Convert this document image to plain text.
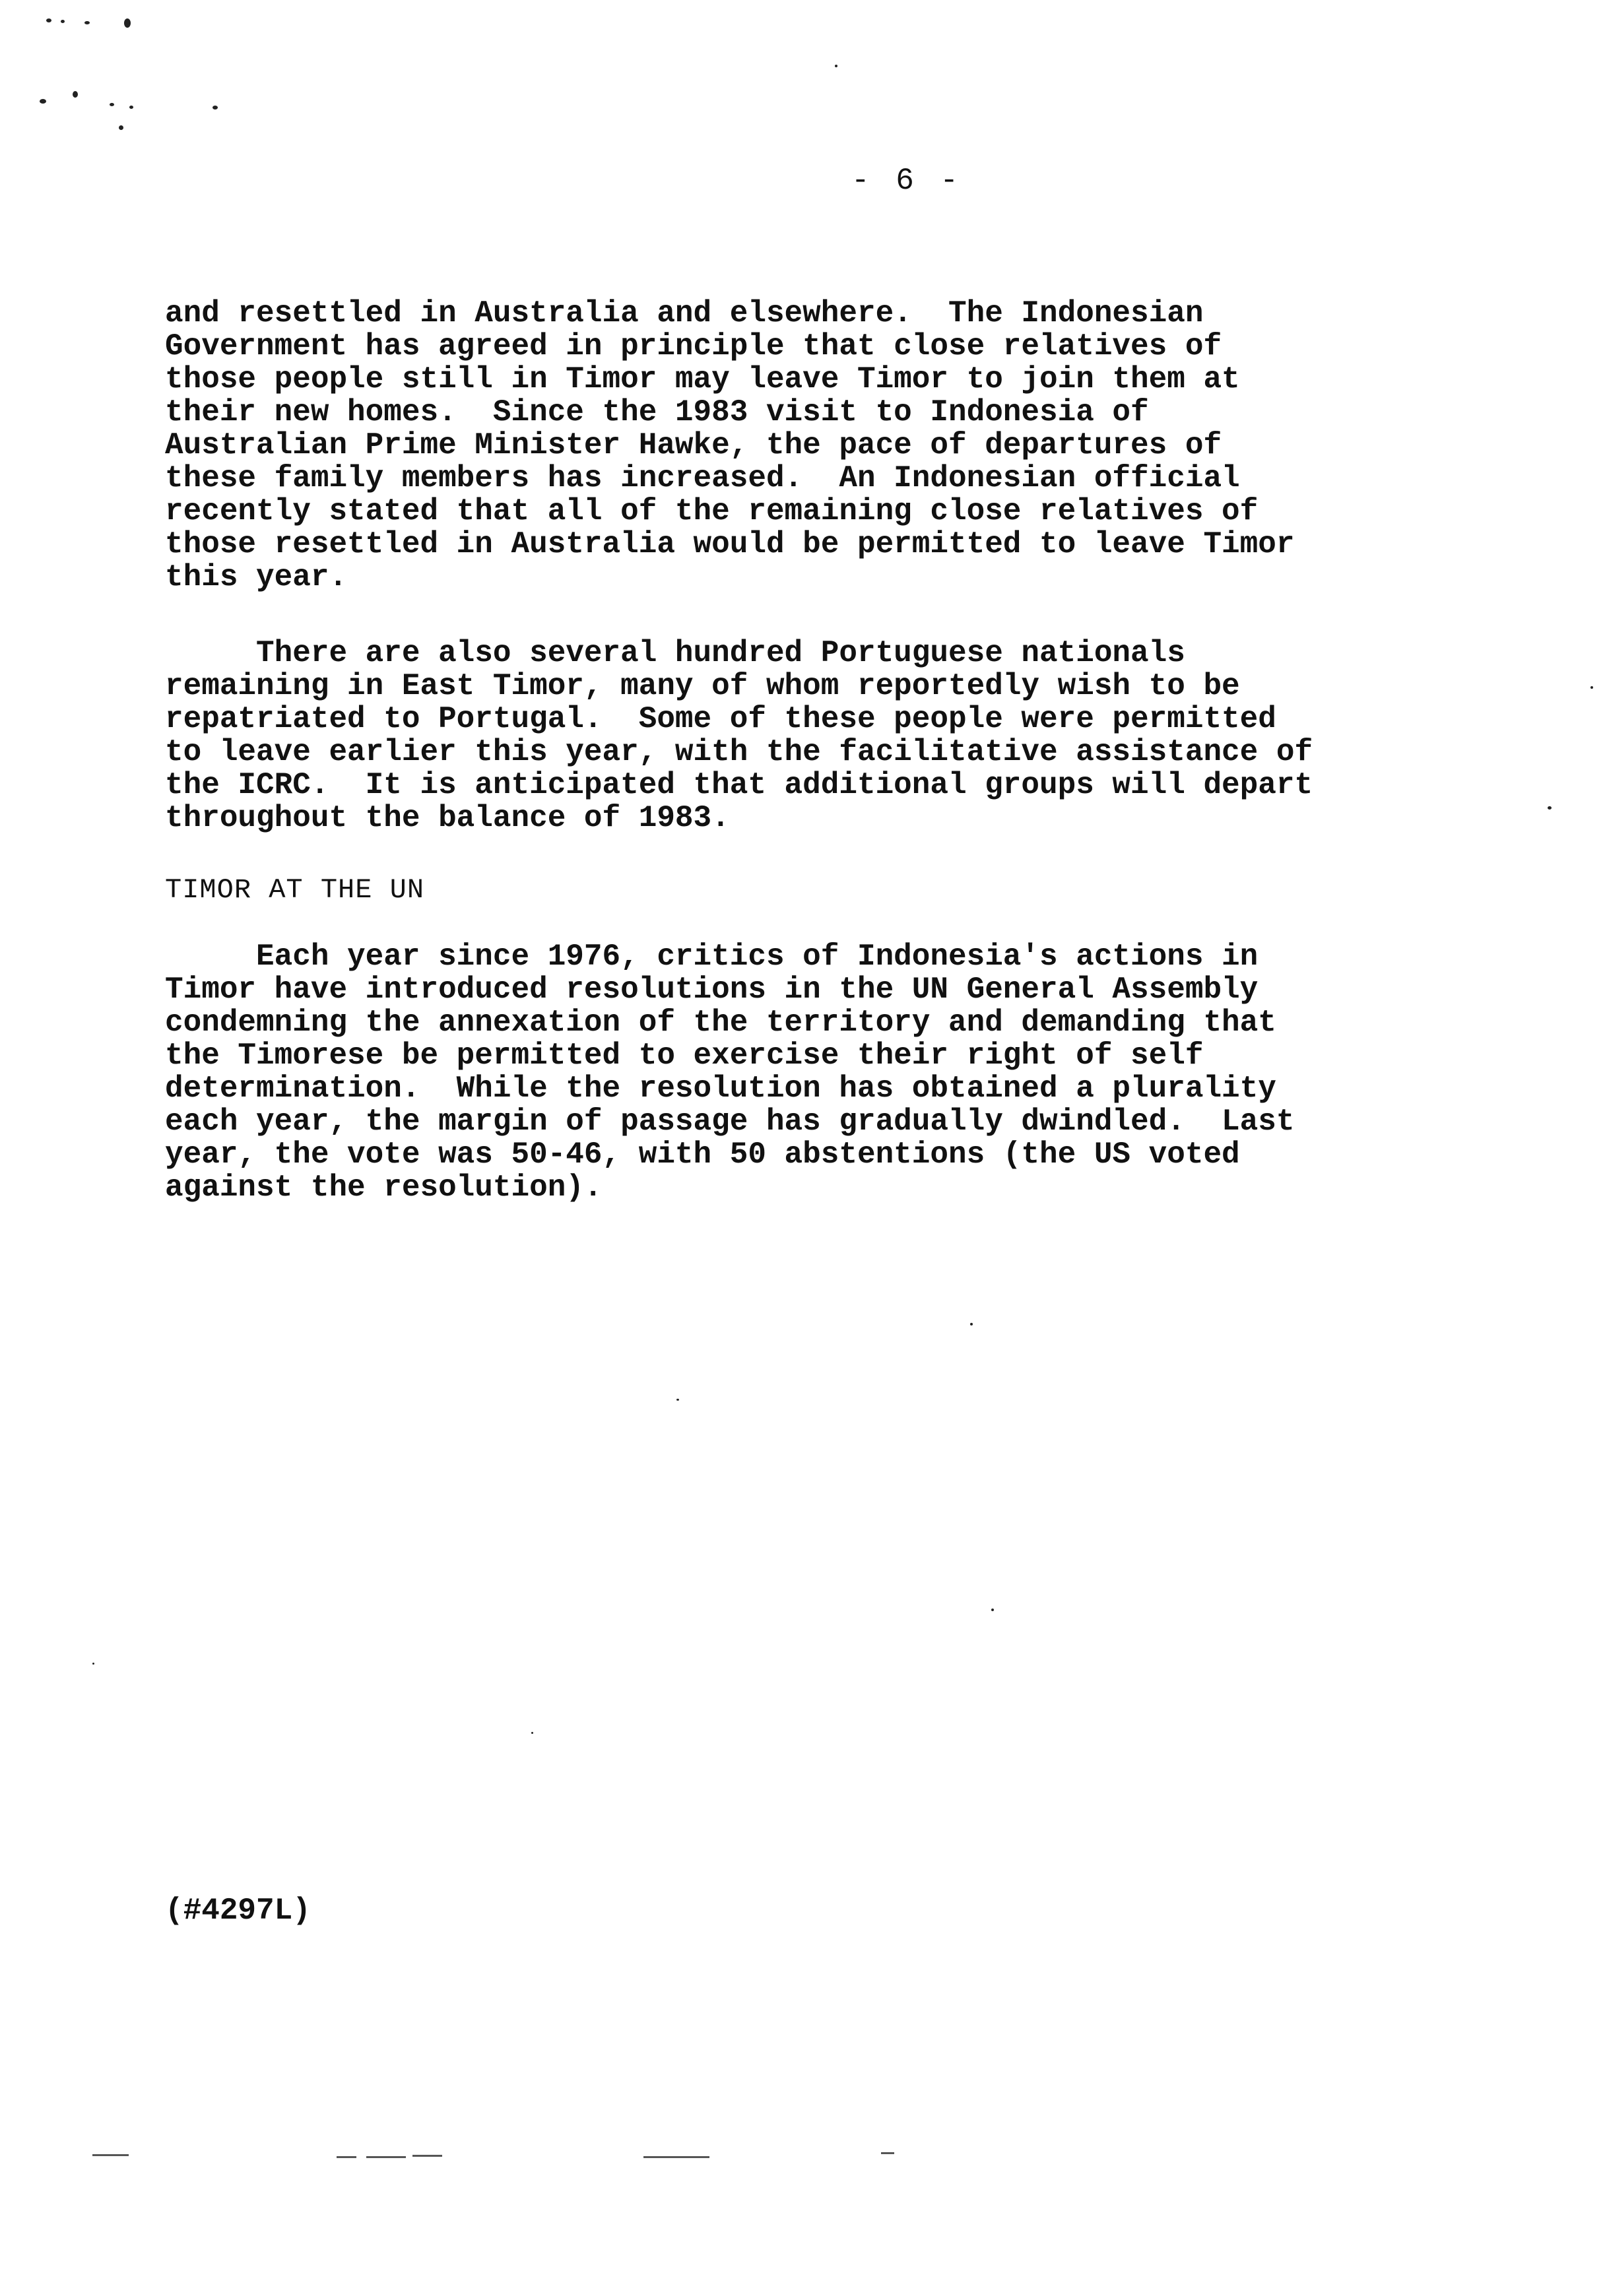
- 6 -
and resettled in Australia and elsewhere.  The Indonesian
Government has agreed in principle that close relatives of
those people still in Timor may leave Timor to join them at
their new homes.  Since the 1983 visit to Indonesia of
Australian Prime Minister Hawke, the pace of departures of
these family members has increased.  An Indonesian official
recently stated that all of the remaining close relatives of
those resettled in Australia would be permitted to leave Timor
this year.
There are also several hundred Portuguese nationals
remaining in East Timor, many of whom reportedly wish to be
repatriated to Portugal.  Some of these people were permitted
to leave earlier this year, with the facilitative assistance of
the ICRC.  It is anticipated that additional groups will depart
throughout the balance of 1983.
TIMOR AT THE UN
Each year since 1976, critics of Indonesia's actions in
Timor have introduced resolutions in the UN General Assembly
condemning the annexation of the territory and demanding that
the Timorese be permitted to exercise their right of self
determination.  While the resolution has obtained a plurality
each year, the margin of passage has gradually dwindled.  Last
year, the vote was 50-46, with 50 abstentions (the US voted
against the resolution).
(#4297L)
